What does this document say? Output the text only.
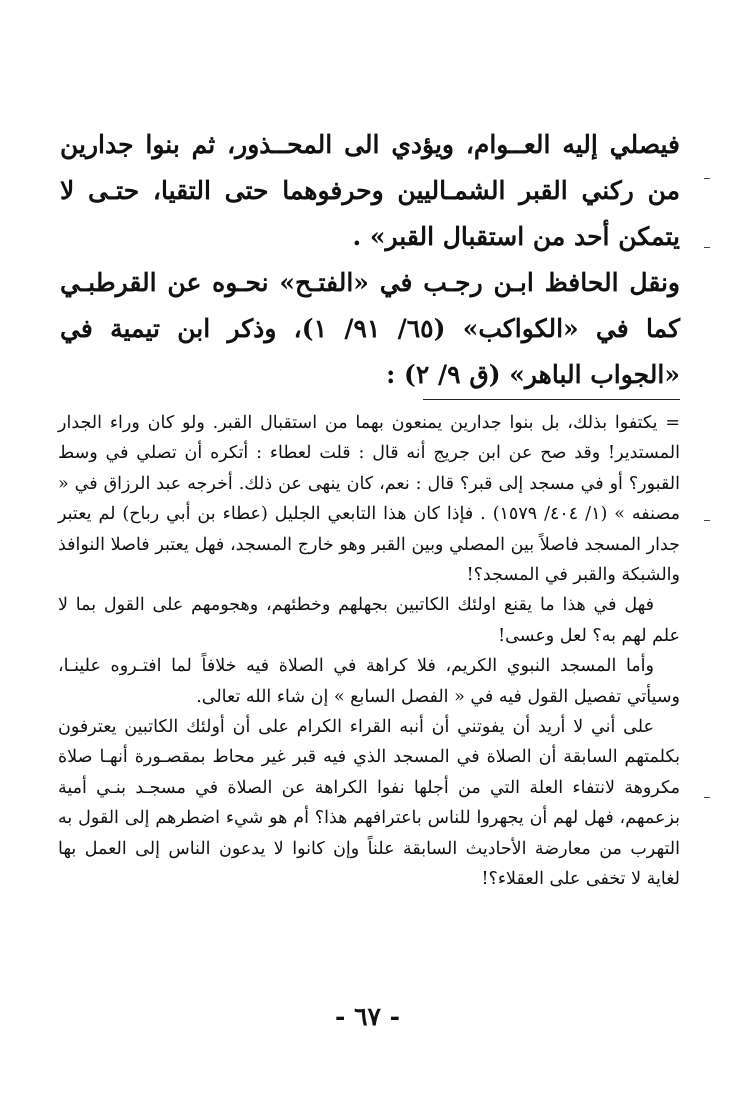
فيصلي إليه العــوام، ويؤدي الى المحــذور، ثم بنوا جدارين من ركني القبر الشمـاليين وحرفوهما حتى التقيا، حتـى لا يتمكن أحد من استقبال القبر» .

ونقل الحافظ ابـن رجـب في «الفتـح» نحـوه عن القرطبـي كما في «الكواكب» (٦٥/ ٩١/ ١)، وذكر ابن تيمية في «الجواب الباهر» (ق ٩/ ٢) :

= يكتفوا بذلك، بل بنوا جدارين يمنعون بهما من استقبال القبر. ولو كان وراء الجدار المستدير! وقد صح عن ابن جريج أنه قال : قلت لعطاء : أتكره أن تصلي في وسط القبور؟ أو في مسجد إلى قبر؟ قال : نعم، كان ينهى عن ذلك. أخرجه عبد الرزاق في « مصنفه » (١/ ٤٠٤/ ١٥٧٩) . فإذا كان هذا التابعي الجليل (عطاء بن أبي رباح) لم يعتبر جدار المسجد فاصلاً بين المصلي وبين القبر وهو خارج المسجد، فهل يعتبر فاصلا النوافذ والشبكة والقبر في المسجد؟!

فهل في هذا ما يقنع اولئك الكاتبين بجهلهم وخطئهم، وهجومهم على القول بما لا علم لهم به؟ لعل وعسى!

وأما المسجد النبوي الكريم، فلا كراهة في الصلاة فيه خلافاً لما افتـروه علينـا، وسيأتي تفصيل القول فيه في « الفصل السابع » إن شاء الله تعالى.

على أني لا أريد أن يفوتني أن أنبه القراء الكرام على أن أولئك الكاتبين يعترفون بكلمتهم السابقة أن الصلاة في المسجد الذي فيه قبر غير محاط بمقصـورة أنهـا صلاة مكروهة لانتفاء العلة التي من أجلها نفوا الكراهة عن الصلاة في مسجـد بنـي أمية بزعمهم، فهل لهم أن يجهروا للناس باعترافهم هذا؟ أم هو شيء اضطرهم إلى القول به التهرب من معارضة الأحاديث السابقة علناً وإن كانوا لا يدعون الناس إلى العمل بها لغاية لا تخفى على العقلاء؟!

- ٦٧ -
